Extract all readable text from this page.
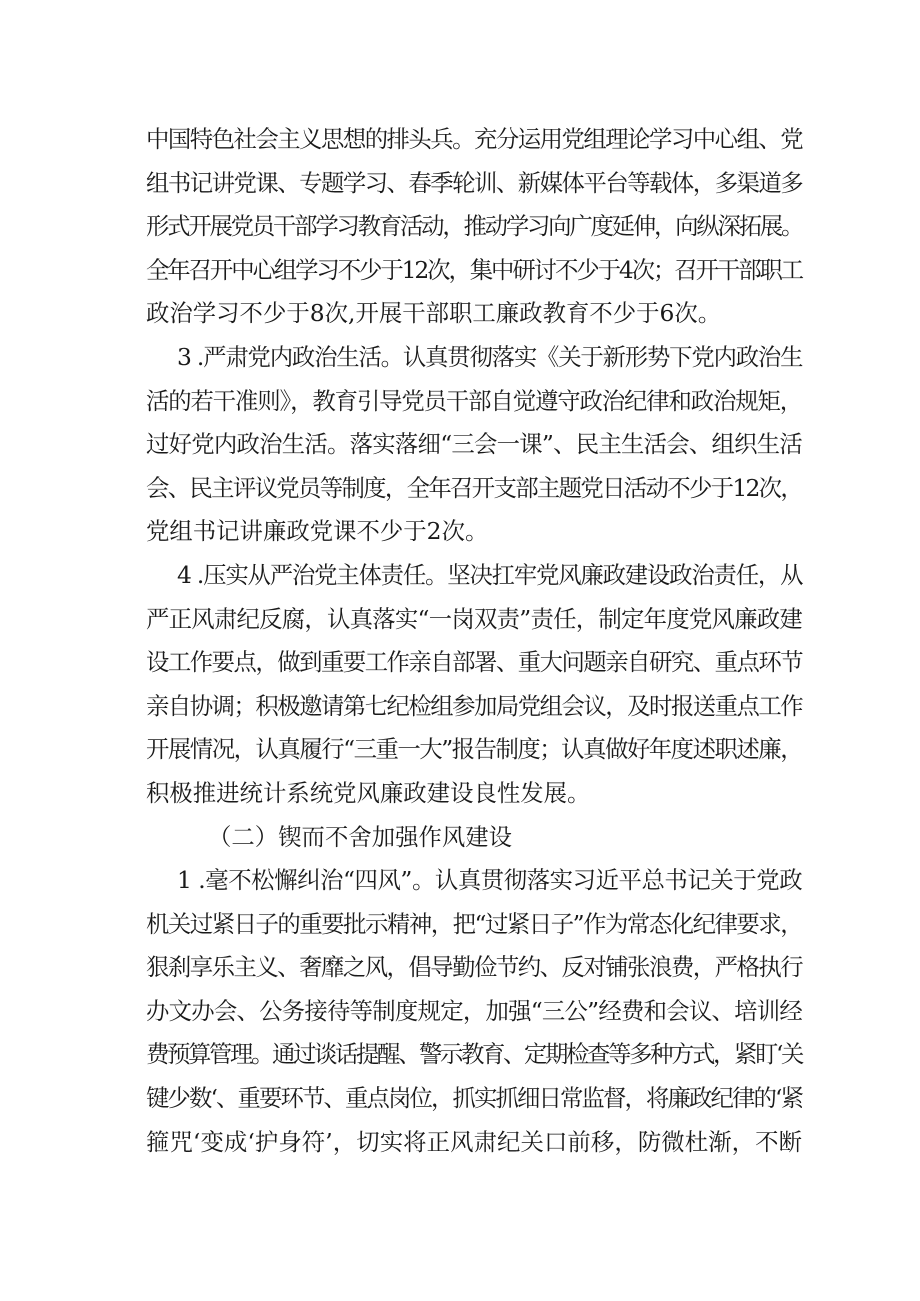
中国特色社会主义思想的排头兵。充分运用党组理论学习中心组、党
组书记讲党课、专题学习、春季轮训、新媒体平台等载体，多渠道多
形式开展党员干部学习教育活动，推动学习向广度延伸，向纵深拓展。
全年召开中心组学习不少于12次，集中研讨不少于4次；召开干部职工
政治学习不少于8次,开展干部职工廉政教育不少于6次。
3 .严肃党内政治生活。认真贯彻落实《关于新形势下党内政治生
活的若干准则》，教育引导党员干部自觉遵守政治纪律和政治规矩，
过好党内政治生活。落实落细“三会一课”、民主生活会、组织生活
会、民主评议党员等制度，全年召开支部主题党日活动不少于12次，
党组书记讲廉政党课不少于2次。
4 .压实从严治党主体责任。坚决扛牢党风廉政建设政治责任，从
严正风肃纪反腐，认真落实“一岗双责”责任，制定年度党风廉政建
设工作要点，做到重要工作亲自部署、重大问题亲自研究、重点环节
亲自协调；积极邀请第七纪检组参加局党组会议，及时报送重点工作
开展情况，认真履行“三重一大”报告制度；认真做好年度述职述廉，
积极推进统计系统党风廉政建设良性发展。
（二）锲而不舍加强作风建设
1 .毫不松懈纠治“四风”。认真贯彻落实习近平总书记关于党政
机关过紧日子的重要批示精神，把“过紧日子”作为常态化纪律要求，
狠刹享乐主义、奢靡之风，倡导勤俭节约、反对铺张浪费，严格执行
办文办会、公务接待等制度规定，加强“三公”经费和会议、培训经
费预算管理。通过谈话提醒、警示教育、定期检查等多种方式，紧盯‘关
键少数‘、重要环节、重点岗位，抓实抓细日常监督，将廉政纪律的‘紧
箍咒‘变成‘护身符’，切实将正风肃纪关口前移，防微杜渐，不断
